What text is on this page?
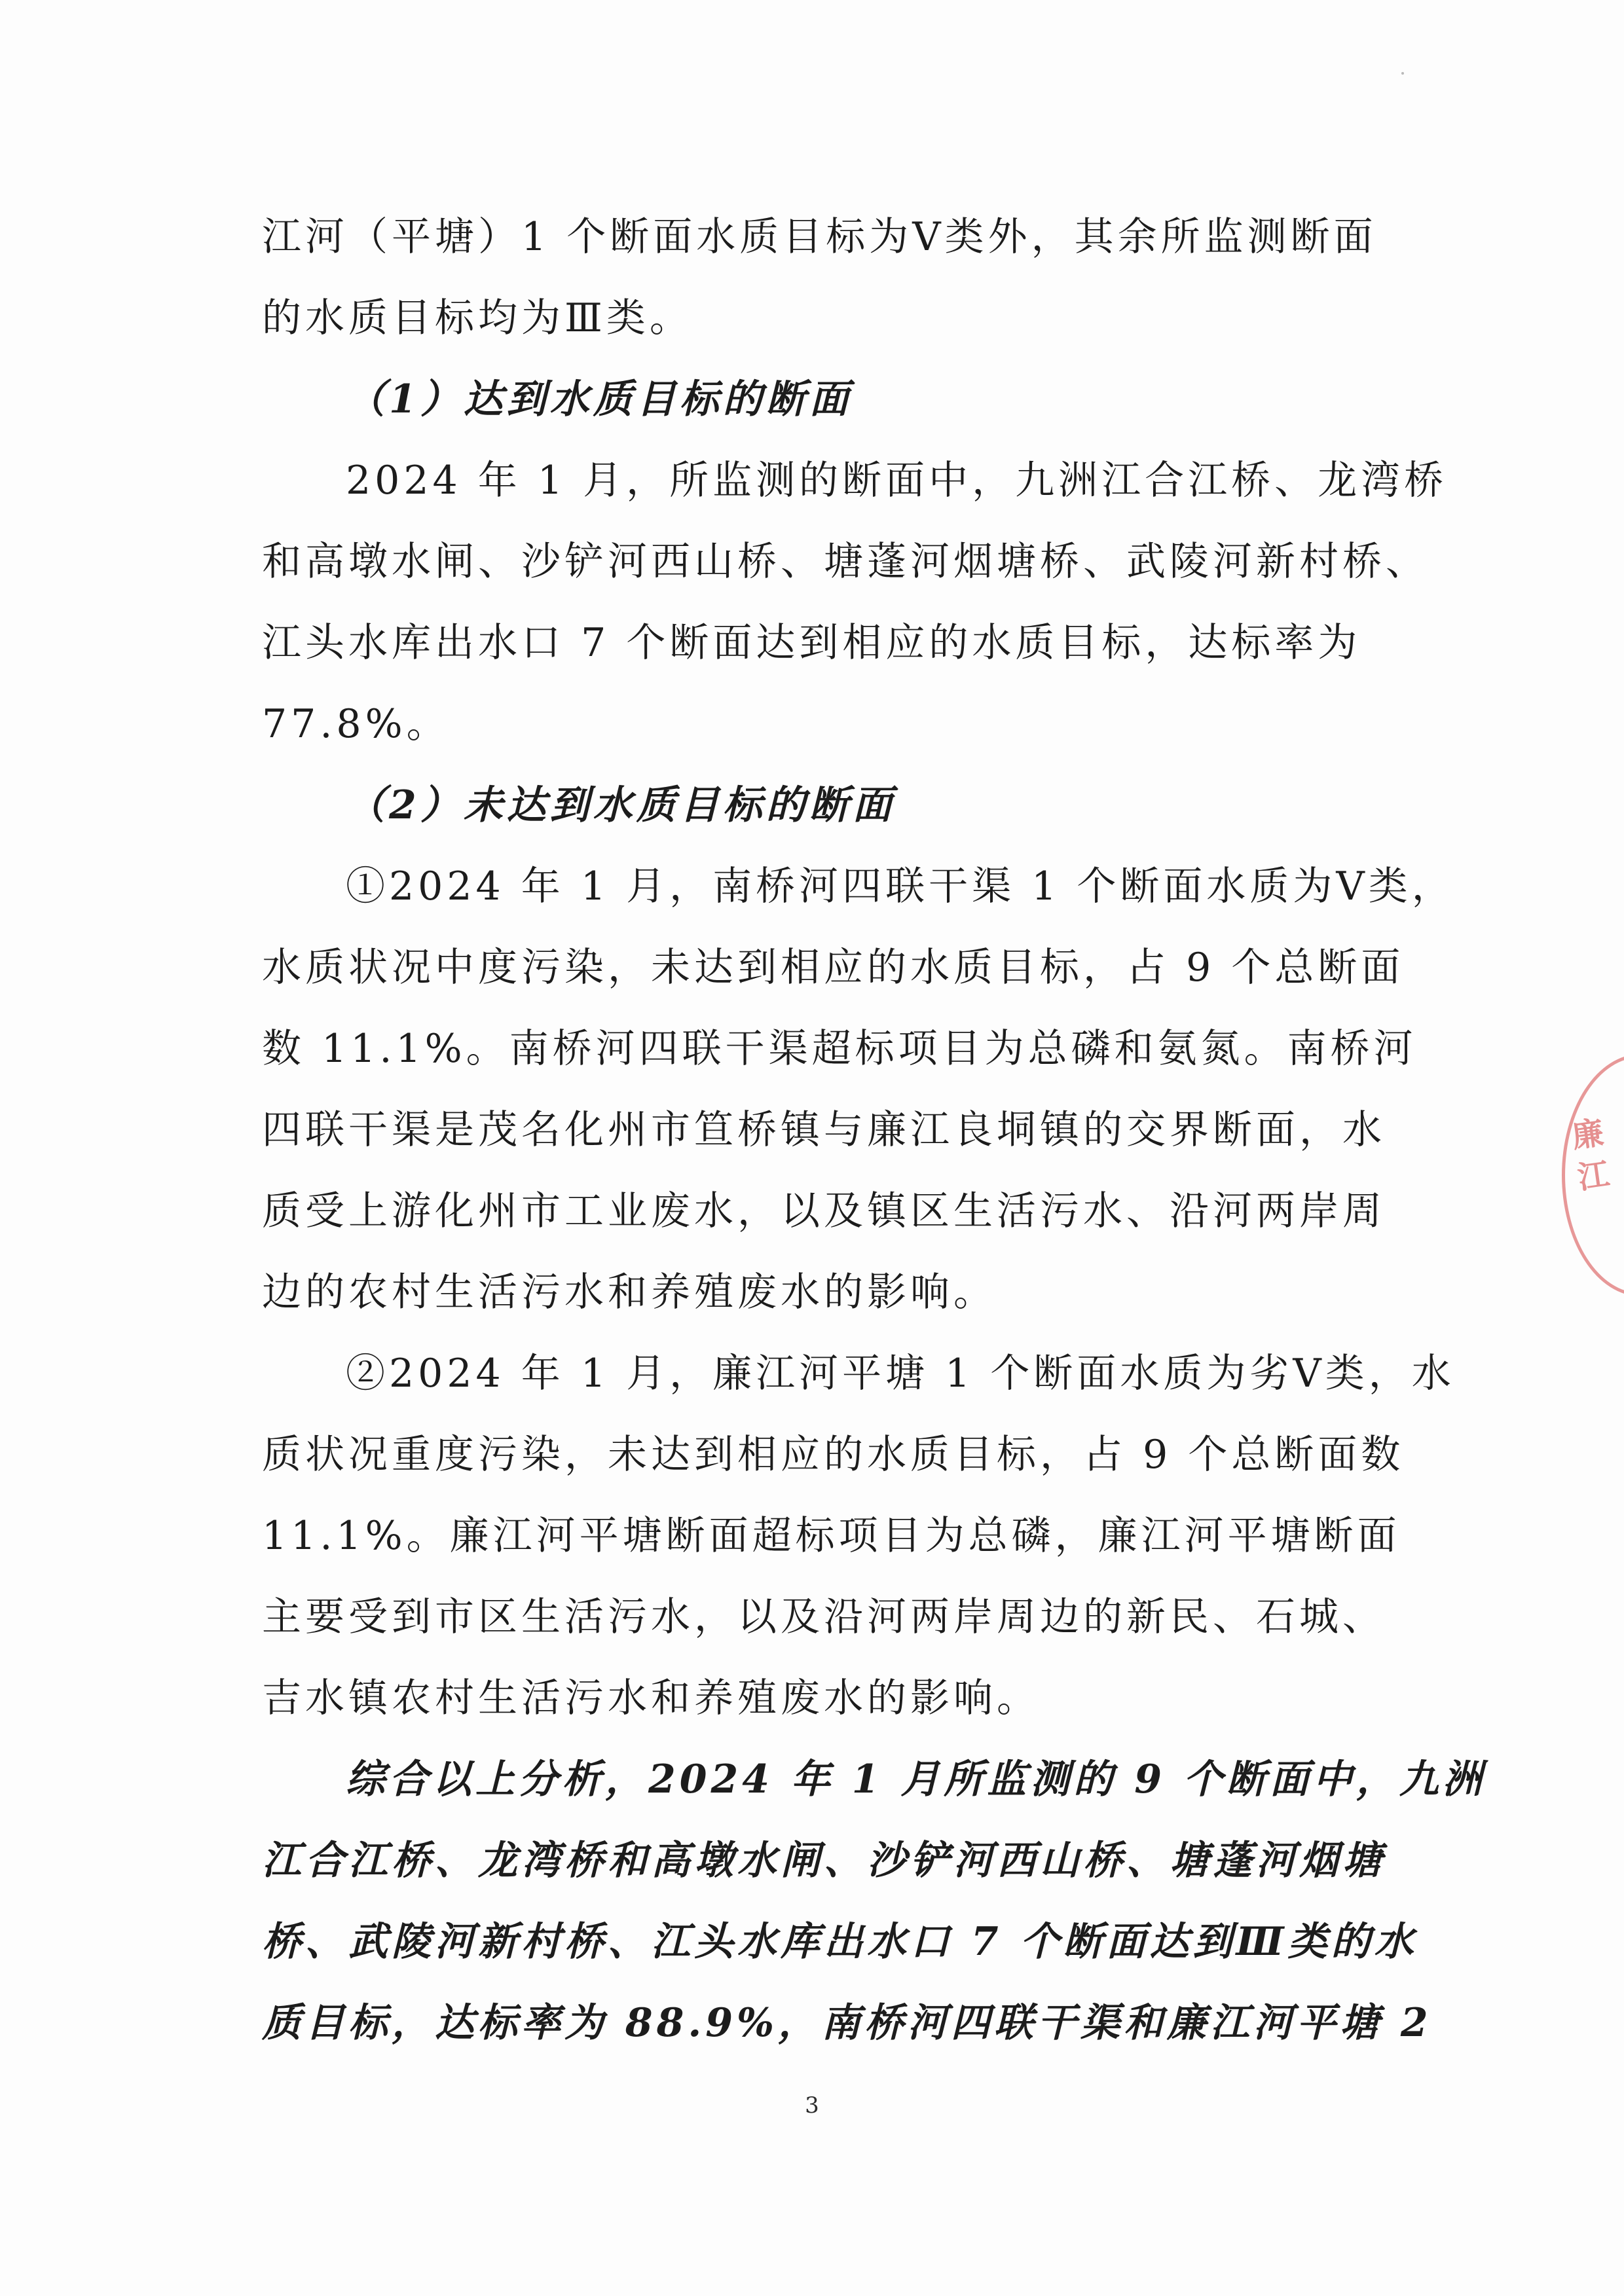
江河（平塘）1 个断面水质目标为Ⅴ类外，其余所监测断面
的水质目标均为Ⅲ类。
（1）达到水质目标的断面
2024 年 1 月，所监测的断面中，九洲江合江桥、龙湾桥
和高墩水闸、沙铲河西山桥、塘蓬河烟塘桥、武陵河新村桥、
江头水库出水口 7 个断面达到相应的水质目标，达标率为
77.8%。
（2）未达到水质目标的断面
①2024 年 1 月，南桥河四联干渠 1 个断面水质为Ⅴ类，
水质状况中度污染，未达到相应的水质目标，占 9 个总断面
数 11.1%。南桥河四联干渠超标项目为总磷和氨氮。南桥河
四联干渠是茂名化州市笪桥镇与廉江良垌镇的交界断面，水
质受上游化州市工业废水，以及镇区生活污水、沿河两岸周
边的农村生活污水和养殖废水的影响。
②2024 年 1 月，廉江河平塘 1 个断面水质为劣Ⅴ类，水
质状况重度污染，未达到相应的水质目标，占 9 个总断面数
11.1%。廉江河平塘断面超标项目为总磷，廉江河平塘断面
主要受到市区生活污水，以及沿河两岸周边的新民、石城、
吉水镇农村生活污水和养殖废水的影响。
综合以上分析，2024 年 1 月所监测的 9 个断面中，九洲
江合江桥、龙湾桥和高墩水闸、沙铲河西山桥、塘蓬河烟塘
桥、武陵河新村桥、江头水库出水口 7 个断面达到Ⅲ类的水
质目标，达标率为 88.9%，南桥河四联干渠和廉江河平塘 2
廉江
3
